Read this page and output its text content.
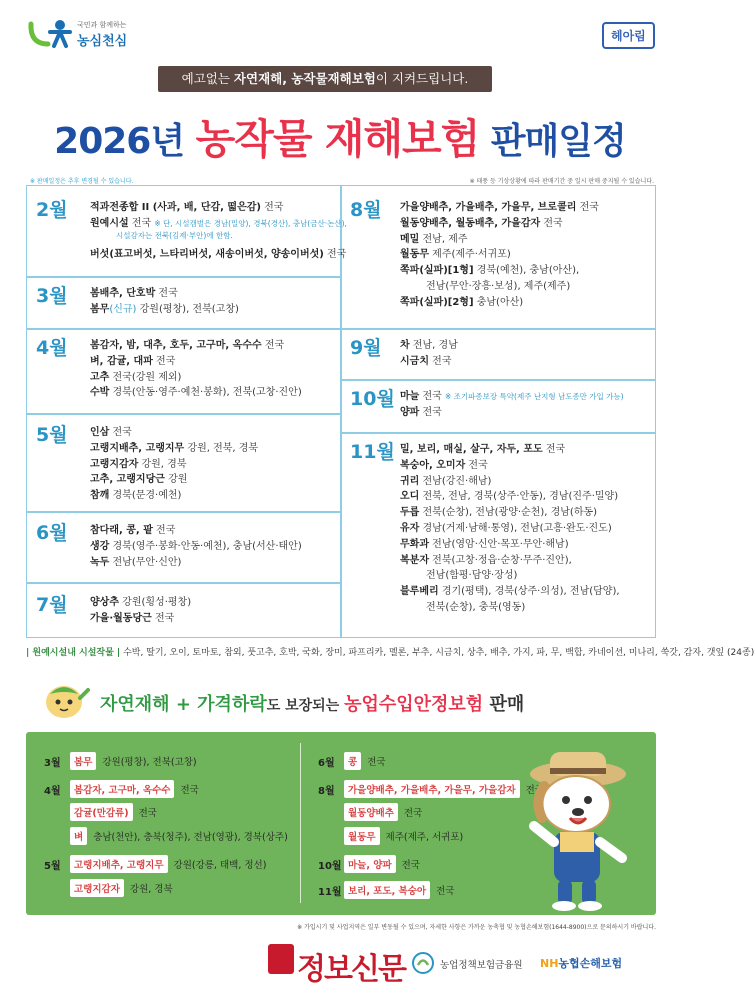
국민과 함께하는
농심천심	헤아림
예고없는 자연재해, 농작물재해보험이 지켜드립니다.
2026년 농작물 재해보험 판매일정
※ 판매일정은 추후 변경될 수 있습니다.	※ 태풍 등 기상상황에 따라 판매기간 중 일시 판매 중지될 수 있습니다.
2월 적과전종합 II (사과, 배, 단감, 떫은감) 전국
원예시설 전국 ※ 단, 시설캠벌은 경남(밀양), 경북(경산), 충남(금산·논산),
시설감자는 전북(김제·부안)에 한함.
버섯(표고버섯, 느타리버섯, 새송이버섯, 양송이버섯) 전국
3월 봄배추, 단호박 전국
봄무(신규) 강원(평창), 전북(고창)
4월 봄감자, 밤, 대추, 호두, 고구마, 옥수수 전국
벼, 감귤, 대파 전국
고추 전국(강원 제외)
수박 경북(안동·영주·예천·봉화), 전북(고창·진안)
5월 인삼 전국
고랭지배추, 고랭지무 강원, 전북, 경북
고랭지감자 강원, 경북
고추, 고랭지당근 강원
참깨 경북(문경·예천)
6월 참다래, 콩, 팥 전국
생강 경북(영주·봉화·안동·예천), 충남(서산·태안)
녹두 전남(무안·신안)
7월 양상추 강원(횡성·평창)
가을·월동당근 전국
8월 가을양배추, 가을배추, 가을무, 브로콜리 전국
월동양배추, 월동배추, 가을감자 전국
메밀 전남, 제주
월동무 제주(제주·서귀포)
쪽파(실파)[1형] 경북(예천), 충남(아산),
전남(무안·장흥·보성), 제주(제주)
쪽파(실파)[2형] 충남(아산)
9월 차 전남, 경남
시금치 전국
10월 마늘 전국 ※ 조기파종보장 특약(제주 난지형 남도종만 가입 가능)
양파 전국
11월 밀, 보리, 매실, 살구, 자두, 포도 전국
복숭아, 오미자 전국
귀리 전남(강진·해남)
오디 전북, 전남, 경북(상주·안동), 경남(진주·밀양)
두릅 전북(순창), 전남(광양·순천), 경남(하동)
유자 경남(거제·남해·통영), 전남(고흥·완도·진도)
무화과 전남(영암·신안·목포·무안·해남)
복분자 전북(고창·정읍·순창·무주·진안),
전남(함평·담양·장성)
블루베리 경기(평택), 경북(상주·의성), 전남(담양),
전북(순창), 충북(영동)
| 원예시설내 시설작물 | 수박, 딸기, 오이, 토마토, 참외, 풋고추, 호박, 국화, 장미, 파프리카, 멜론, 부추, 시금치, 상추, 배추, 가지, 파, 무, 백합, 카네이션, 미나리, 쑥갓, 감자, 갯잎 (24종)
자연재해 + 가격하락도 보장되는 농업수입안정보험 판매
3월	봄무 강원(평창), 전북(고창)
4월	봄감자, 고구마, 옥수수 전국
감귤(만감류) 전국
벼 충남(천안), 충북(청주), 전남(영광), 경북(상주)
5월	고랭지배추, 고랭지무 강원(강릉, 태백, 정선)
고랭지감자 강원, 경북
6월	콩 전국
8월	가을양배추, 가을배추, 가을무, 가을감자 전국
월동양배추 전국
월동무 제주(제주, 서귀포)
10월 마늘, 양파 전국
11월 보리, 포도, 복숭아 전국
※ 가입시기 및 사업지역은 일부 변동될 수 있으며, 자세한 사항은 가까운 농축협 및 농협손해보험(1644-8900)으로 문의하시기 바랍니다.
정보신문	농업정책보험금융원 NH농협손해보험
